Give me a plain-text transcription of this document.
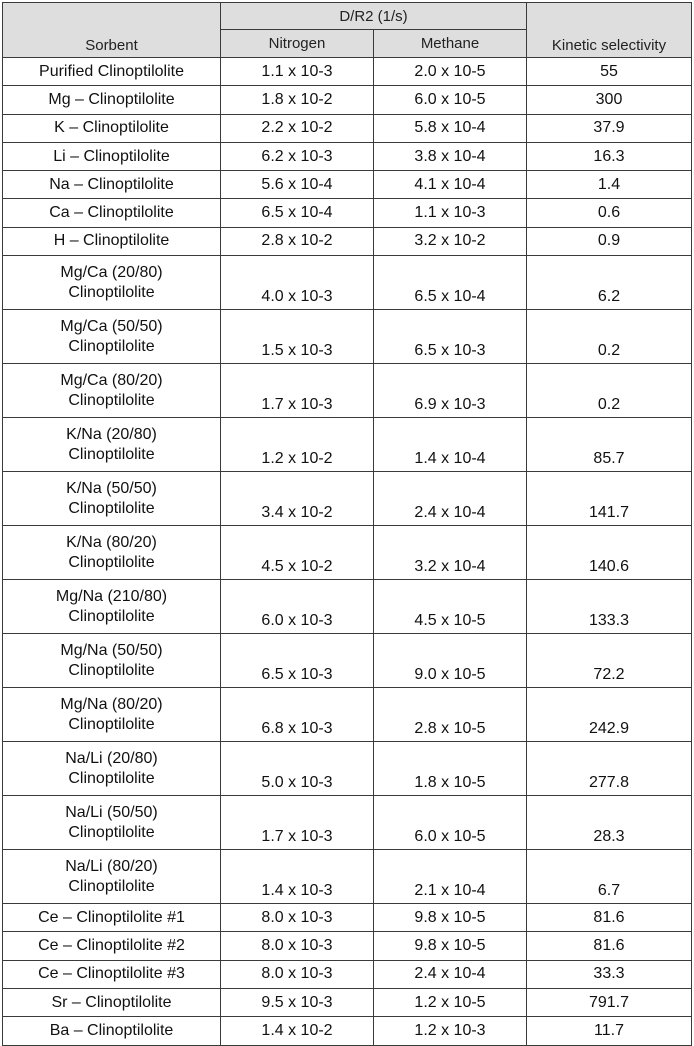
Sorbent	D/R2 (1/s)		Kinetic selectivity
	Nitrogen	Methane	

Purified Clinoptilolite	1.1 x 10-3	2.0 x 10-5	55

Mg – Clinoptilolite	1.8 x 10-2	6.0 x 10-5	300

K – Clinoptilolite	2.2 x 10-2	5.8 x 10-4	37.9

Li – Clinoptilolite	6.2 x 10-3	3.8 x 10-4	16.3

Na – Clinoptilolite	5.6 x 10-4	4.1 x 10-4	1.4

Ca – Clinoptilolite	6.5 x 10-4	1.1 x 10-3	0.6

H – Clinoptilolite	2.8 x 10-2	3.2 x 10-2	0.9

Mg/Ca (20/80)
Clinoptilolite	4.0 x 10-3	6.5 x 10-4	6.2

Mg/Ca (50/50)
Clinoptilolite	1.5 x 10-3	6.5 x 10-3	0.2

Mg/Ca (80/20)
Clinoptilolite	1.7 x 10-3	6.9 x 10-3	0.2

K/Na (20/80)
Clinoptilolite	1.2 x 10-2	1.4 x 10-4	85.7

K/Na (50/50)
Clinoptilolite	3.4 x 10-2	2.4 x 10-4	141.7

K/Na (80/20)
Clinoptilolite	4.5 x 10-2	3.2 x 10-4	140.6

Mg/Na (210/80)
Clinoptilolite	6.0 x 10-3	4.5 x 10-5	133.3

Mg/Na (50/50)
Clinoptilolite	6.5 x 10-3	9.0 x 10-5	72.2

Mg/Na (80/20)
Clinoptilolite	6.8 x 10-3	2.8 x 10-5	242.9

Na/Li (20/80)
Clinoptilolite	5.0 x 10-3	1.8 x 10-5	277.8

Na/Li (50/50)
Clinoptilolite	1.7 x 10-3	6.0 x 10-5	28.3

Na/Li (80/20)
Clinoptilolite	1.4 x 10-3	2.1 x 10-4	6.7

Ce – Clinoptilolite #1	8.0 x 10-3	9.8 x 10-5	81.6

Ce – Clinoptilolite #2	8.0 x 10-3	9.8 x 10-5	81.6

Ce – Clinoptilolite #3	8.0 x 10-3	2.4 x 10-4	33.3

Sr – Clinoptilolite	9.5 x 10-3	1.2 x 10-5	791.7

Ba – Clinoptilolite	1.4 x 10-2	1.2 x 10-3	11.7
